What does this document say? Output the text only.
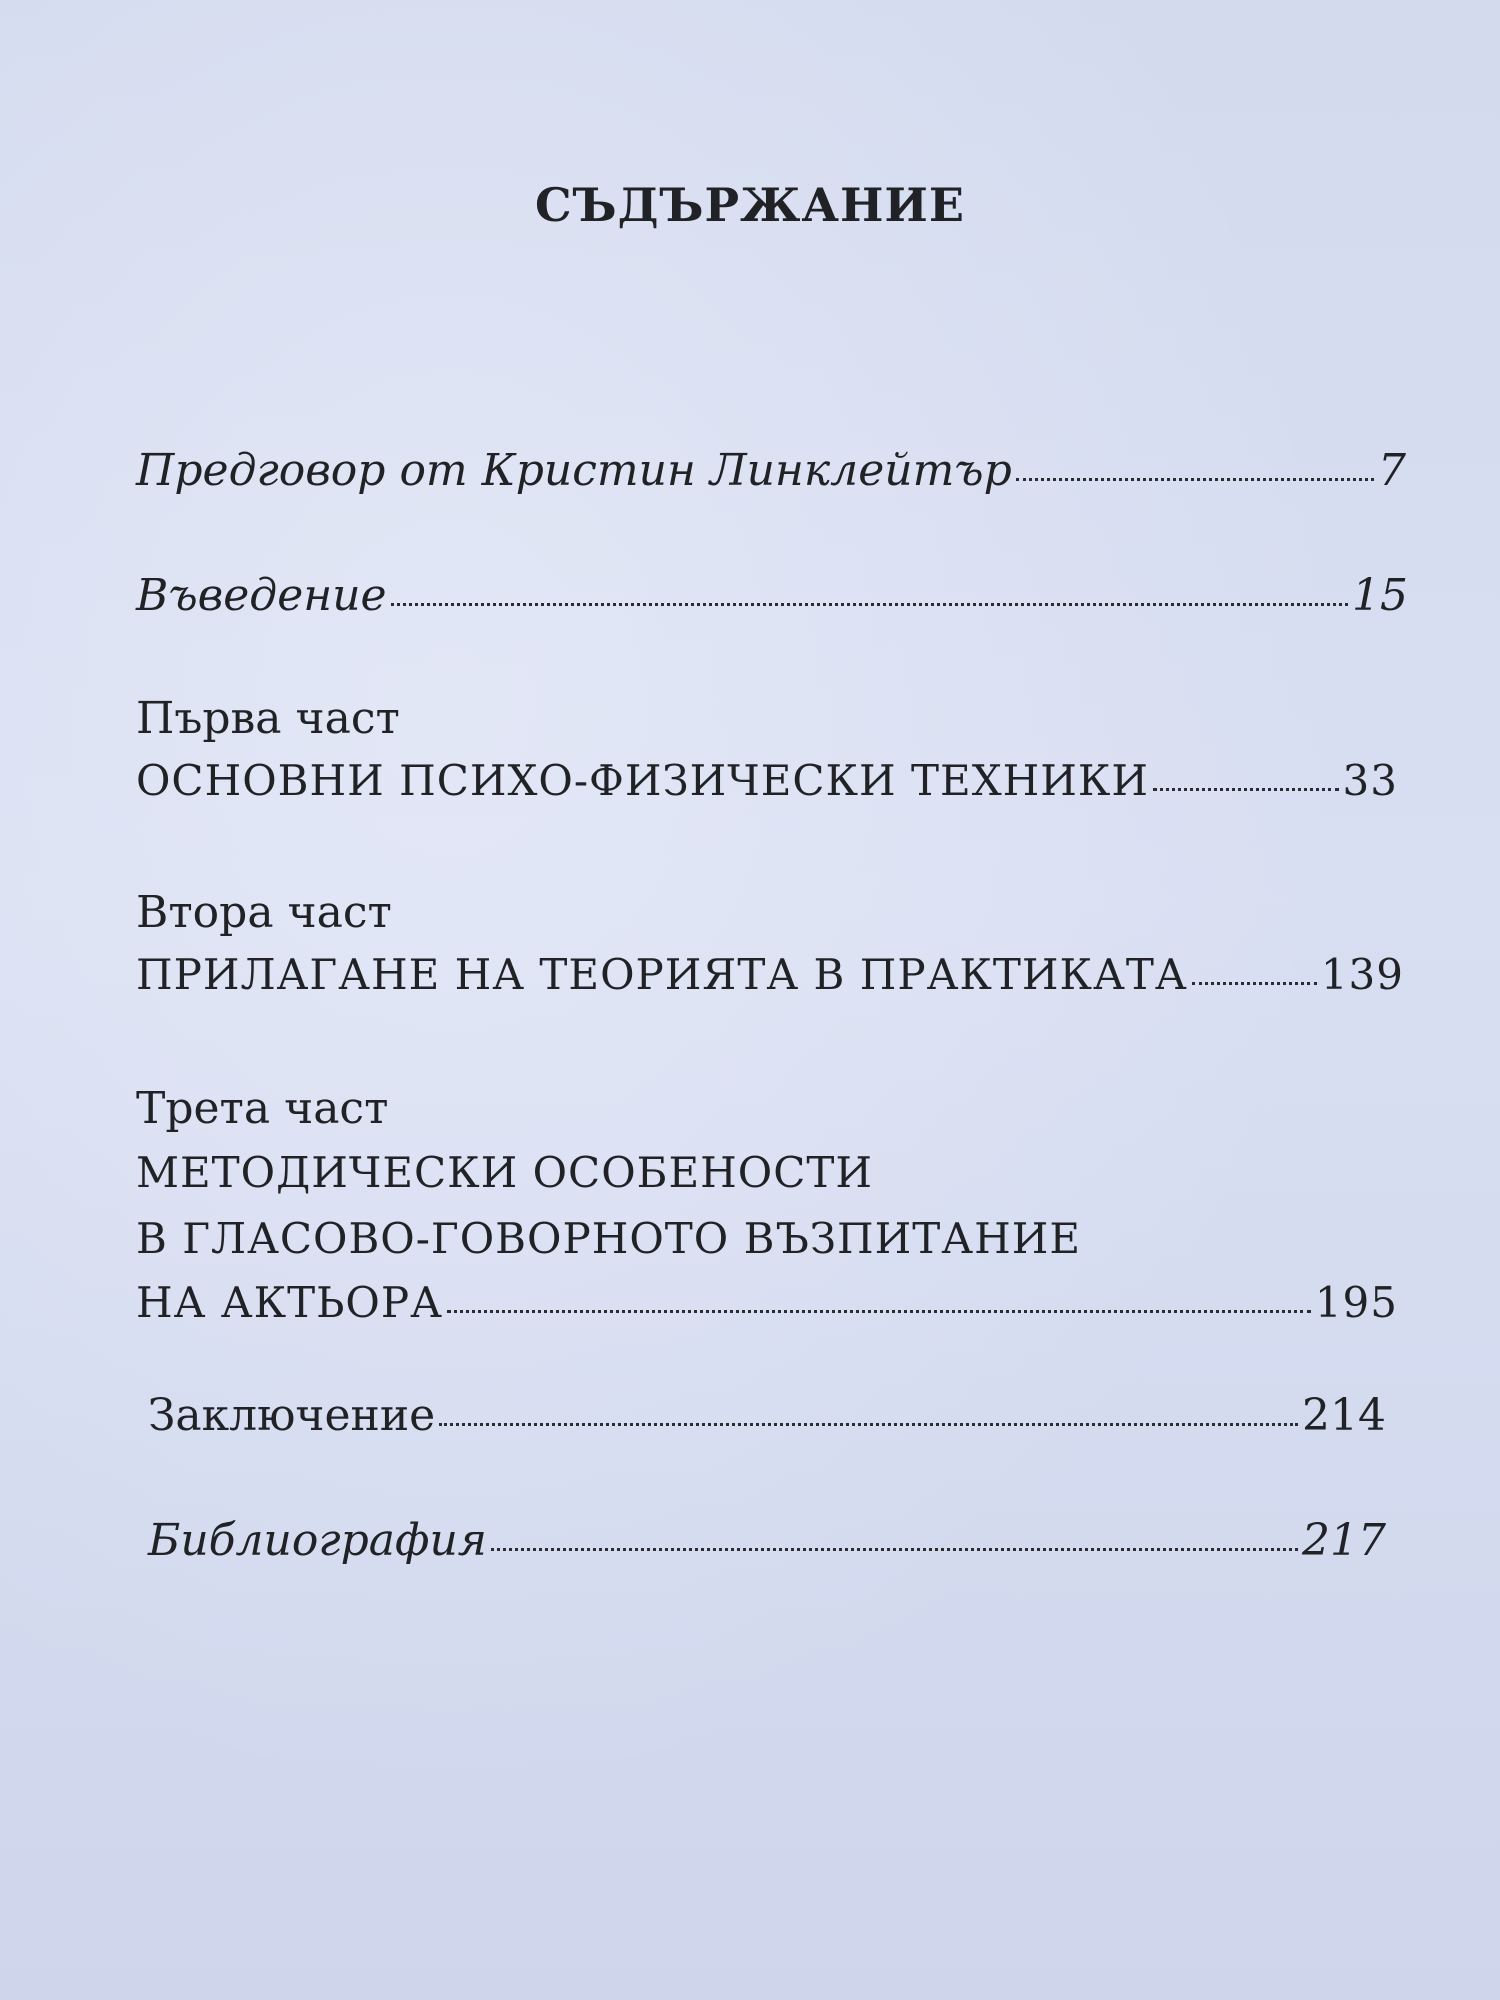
СЪДЪРЖАНИЕ
Предговор от Кристин Линклейтър	7
Въведение	15
Първа част
ОСНОВНИ ПСИХО-ФИЗИЧЕСКИ ТЕХНИКИ	33
Втора част
ПРИЛАГАНЕ НА ТЕОРИЯТА В ПРАКТИКАТА	139
Трета част
МЕТОДИЧЕСКИ ОСОБЕНОСТИ
В ГЛАСОВО-ГОВОРНОТО ВЪЗПИТАНИЕ
НА АКТЬОРА	195
Заключение	214
Библиография	217
